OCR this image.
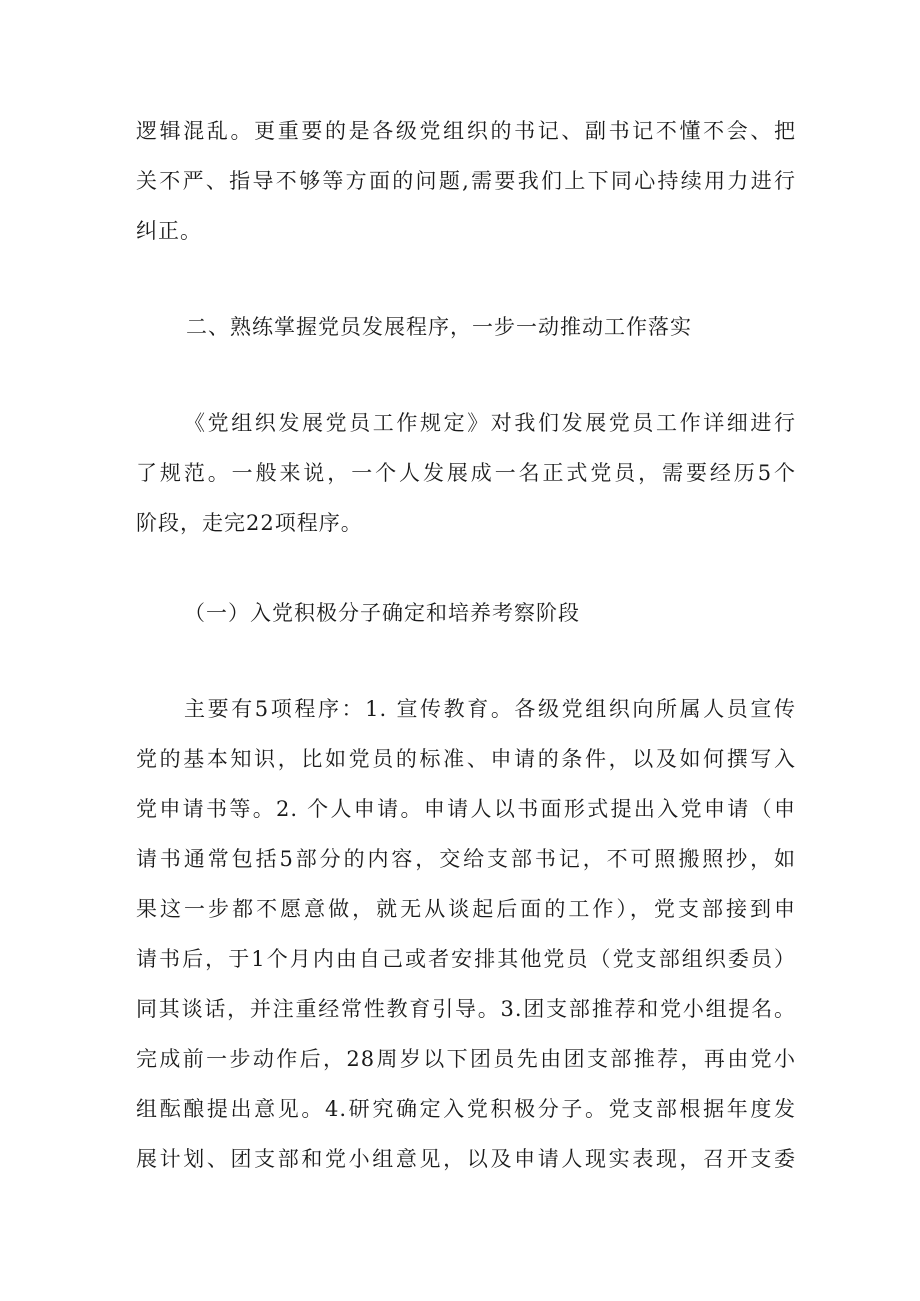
逻辑混乱。更重要的是各级党组织的书记、副书记不懂不会、把
关不严、指导不够等方面的问题,需要我们上下同心持续用力进行
纠正。
二、熟练掌握党员发展程序，一步一动推动工作落实
《党组织发展党员工作规定》对我们发展党员工作详细进行
了规范。一般来说，一个人发展成一名正式党员，需要经历5个
阶段，走完22项程序。
（一）入党积极分子确定和培养考察阶段
主要有5项程序：1. 宣传教育。各级党组织向所属人员宣传
党的基本知识，比如党员的标准、申请的条件，以及如何撰写入
党申请书等。2. 个人申请。申请人以书面形式提出入党申请（申
请书通常包括5部分的内容，交给支部书记，不可照搬照抄，如
果这一步都不愿意做，就无从谈起后面的工作），党支部接到申
请书后，于1个月内由自己或者安排其他党员（党支部组织委员）
同其谈话，并注重经常性教育引导。3.团支部推荐和党小组提名。
完成前一步动作后，28周岁以下团员先由团支部推荐，再由党小
组酝酿提出意见。4.研究确定入党积极分子。党支部根据年度发
展计划、团支部和党小组意见，以及申请人现实表现，召开支委
